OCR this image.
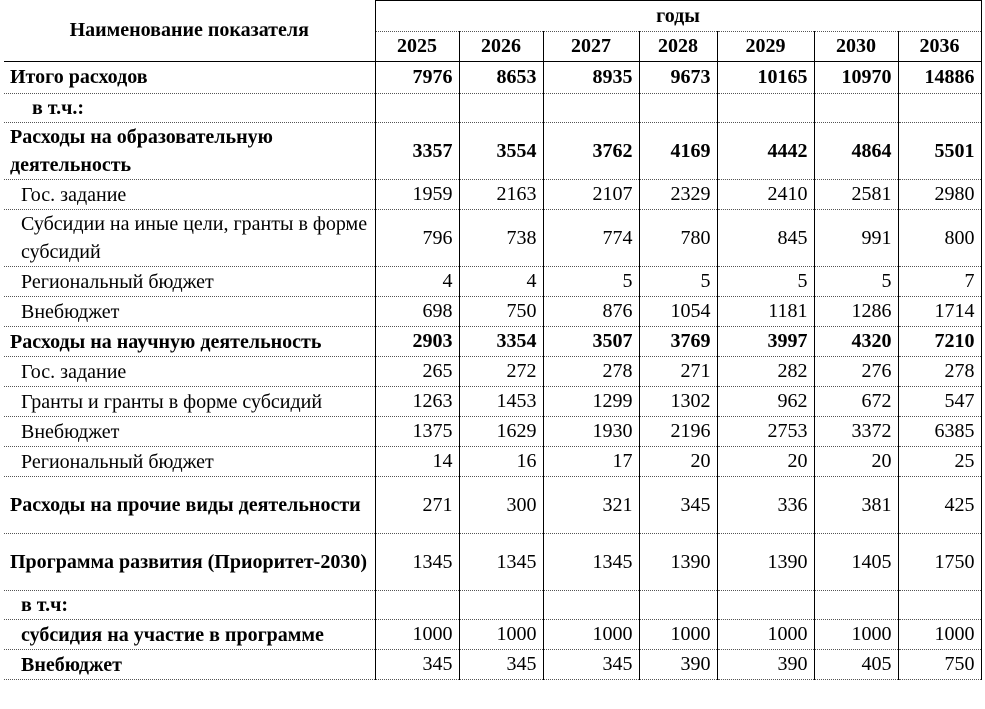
Наименование показателя	годы						
	2025	2026	2027	2028	2029	2030	2036
Итого расходов	7976	8653	8935	9673	10165	10970	14886
в т.ч.:							
Расходы на образовательную деятельность	3357	3554	3762	4169	4442	4864	5501
Гос. задание	1959	2163	2107	2329	2410	2581	2980
Субсидии на иные цели, гранты в форме субсидий	796	738	774	780	845	991	800
Региональный бюджет	4	4	5	5	5	5	7
Внебюджет	698	750	876	1054	1181	1286	1714
Расходы на научную деятельность	2903	3354	3507	3769	3997	4320	7210
Гос. задание	265	272	278	271	282	276	278
Гранты и гранты в форме субсидий	1263	1453	1299	1302	962	672	547
Внебюджет	1375	1629	1930	2196	2753	3372	6385
Региональный бюджет	14	16	17	20	20	20	25
Расходы на прочие виды деятельности	271	300	321	345	336	381	425
Программа развития (Приоритет-2030)	1345	1345	1345	1390	1390	1405	1750
в т.ч:							
субсидия на участие в программе	1000	1000	1000	1000	1000	1000	1000
Внебюджет	345	345	345	390	390	405	750
